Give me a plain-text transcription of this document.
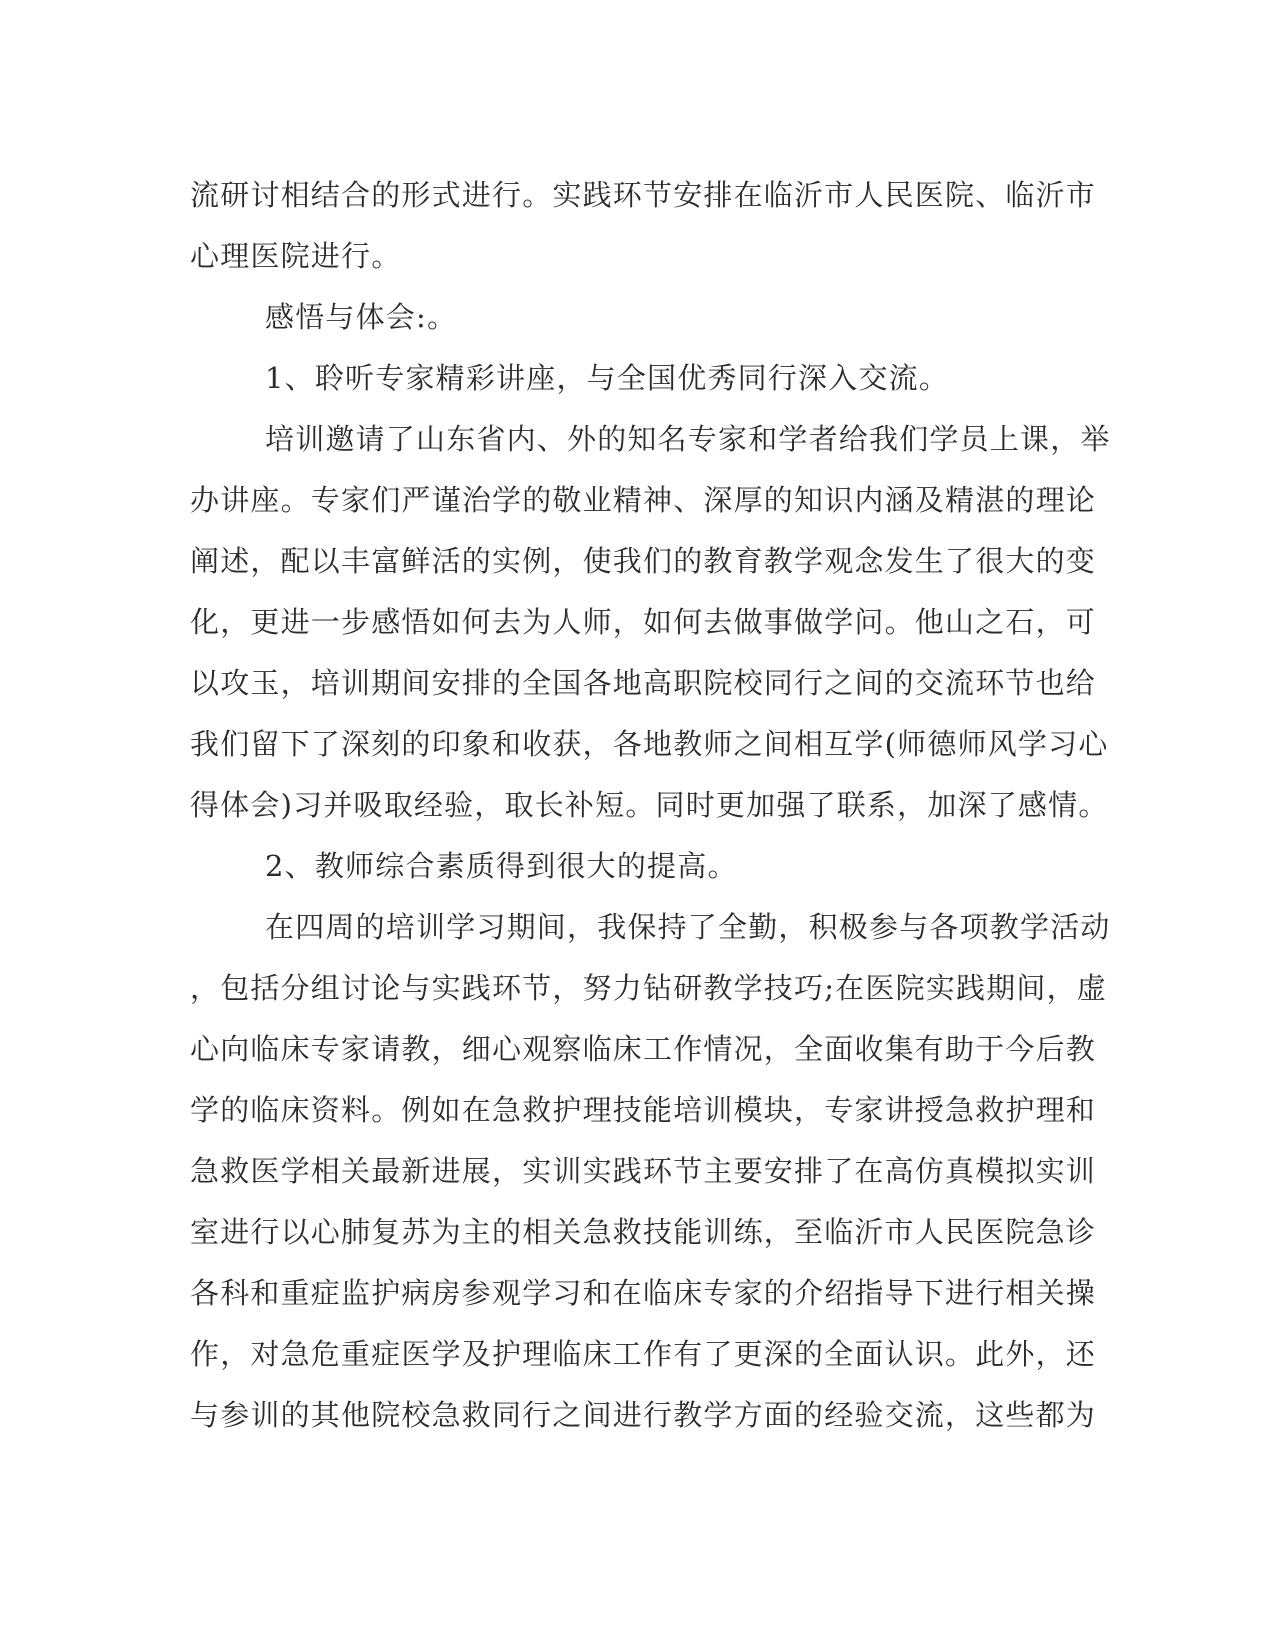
流研讨相结合的形式进行。实践环节安排在临沂市人民医院、临沂市
心理医院进行。
感悟与体会:。
1、聆听专家精彩讲座，与全国优秀同行深入交流。
培训邀请了山东省内、外的知名专家和学者给我们学员上课，举
办讲座。专家们严谨治学的敬业精神、深厚的知识内涵及精湛的理论
阐述，配以丰富鲜活的实例，使我们的教育教学观念发生了很大的变
化，更进一步感悟如何去为人师，如何去做事做学问。他山之石，可
以攻玉，培训期间安排的全国各地高职院校同行之间的交流环节也给
我们留下了深刻的印象和收获，各地教师之间相互学(师德师风学习心
得体会)习并吸取经验，取长补短。同时更加强了联系，加深了感情。
2、教师综合素质得到很大的提高。
在四周的培训学习期间，我保持了全勤，积极参与各项教学活动
，包括分组讨论与实践环节，努力钻研教学技巧;在医院实践期间，虚
心向临床专家请教，细心观察临床工作情况，全面收集有助于今后教
学的临床资料。例如在急救护理技能培训模块，专家讲授急救护理和
急救医学相关最新进展，实训实践环节主要安排了在高仿真模拟实训
室进行以心肺复苏为主的相关急救技能训练，至临沂市人民医院急诊
各科和重症监护病房参观学习和在临床专家的介绍指导下进行相关操
作，对急危重症医学及护理临床工作有了更深的全面认识。此外，还
与参训的其他院校急救同行之间进行教学方面的经验交流，这些都为
